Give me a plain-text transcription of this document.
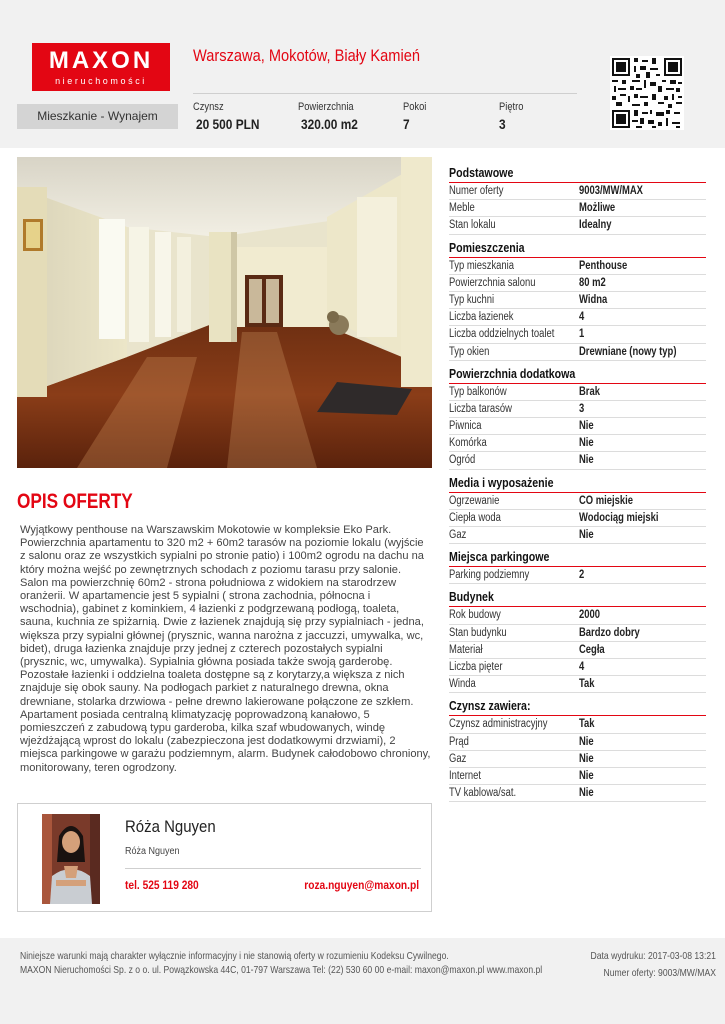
MAXON
nieruchomości
Warszawa, Mokotów, Biały Kamień
Mieszkanie - Wynajem
Czynsz
20 500 PLN
Powierzchnia
320.00 m2
Pokoi
7
Piętro
3
OPIS OFERTY
Wyjątkowy penthouse na Warszawskim Mokotowie w kompleksie Eko Park. Powierzchnia apartamentu to 320 m2 + 60m2 tarasów na poziomie lokalu (wyjście z salonu oraz ze wszystkich sypialni po stronie patio) i 100m2 ogrodu na dachu na który można wejść po zewnętrznych schodach z poziomu tarasu przy salonie. Salon ma powierzchnię 60m2 - strona południowa z widokiem na starodrzew oranżerii. W apartamencie jest 5 sypialni ( strona zachodnia, północna i wschodnia), gabinet z kominkiem, 4 łazienki z podgrzewaną podłogą, toaleta, sauna, kuchnia ze spiżarnią. Dwie z łazienek znajdują się przy sypialniach - jedna, większa przy sypialni głównej (prysznic, wanna narożna z jaccuzzi, umywalka, wc, bidet), druga łazienka znajduje przy jednej z czterech pozostałych sypialni (prysznic, wc, umywalka). Sypialnia główna posiada także swoją garderobę. Pozostałe łazienki i oddzielna toaleta dostępne są z korytarzy,a większa z nich znajduje się obok sauny. Na podłogach parkiet z naturalnego drewna, okna drewniane, stolarka drzwiowa - pełne drewno lakierowane połączone ze szkłem. Apartament posiada centralną klimatyzację poprowadzoną kanałowo, 5 pomieszczeń z zabudową typu garderoba, kilka szaf wbudowanych, windę wjeżdżającą wprost do lokalu (zabezpieczona jest dodatkowymi drzwiami), 2 miejsca parkingowe w garażu podziemnym, alarm. Budynek całodobowo chroniony, monitorowany, teren ogrodzony.
Róża Nguyen
Róża Nguyen
tel. 525 119 280	roza.nguyen@maxon.pl
Podstawowe
Numer oferty	9003/MW/MAX
Meble	Możliwe
Stan lokalu	Idealny
Pomieszczenia
Typ mieszkania	Penthouse
Powierzchnia salonu	80 m2
Typ kuchni	Widna
Liczba łazienek	4
Liczba oddzielnych toalet 1
Typ okien	Drewniane (nowy typ)
Powierzchnia dodatkowa
Typ balkonów	Brak
Liczba tarasów	3
Piwnica	Nie
Komórka	Nie
Ogród	Nie
Media i wyposażenie
Ogrzewanie	CO miejskie
Ciepła woda	Wodociąg miejski
Gaz	Nie
Miejsca parkingowe
Parking podziemny	2
Budynek
Rok budowy	2000
Stan budynku	Bardzo dobry
Materiał	Cegła
Liczba pięter	4
Winda	Tak
Czynsz zawiera:
Czynsz administracyjny	Tak
Prąd	Nie
Gaz	Nie
Internet	Nie
TV kablowa/sat.	Nie
Niniejsze warunki mają charakter wyłącznie informacyjny i nie stanowią oferty w rozumieniu Kodeksu Cywilnego.
MAXON Nieruchomości Sp. z o o. ul. Powązkowska 44C, 01-797 Warszawa Tel: (22) 530 60 00 e-mail: maxon@maxon.pl www.maxon.pl
Data wydruku: 2017-03-08 13:21
Numer oferty: 9003/MW/MAX
